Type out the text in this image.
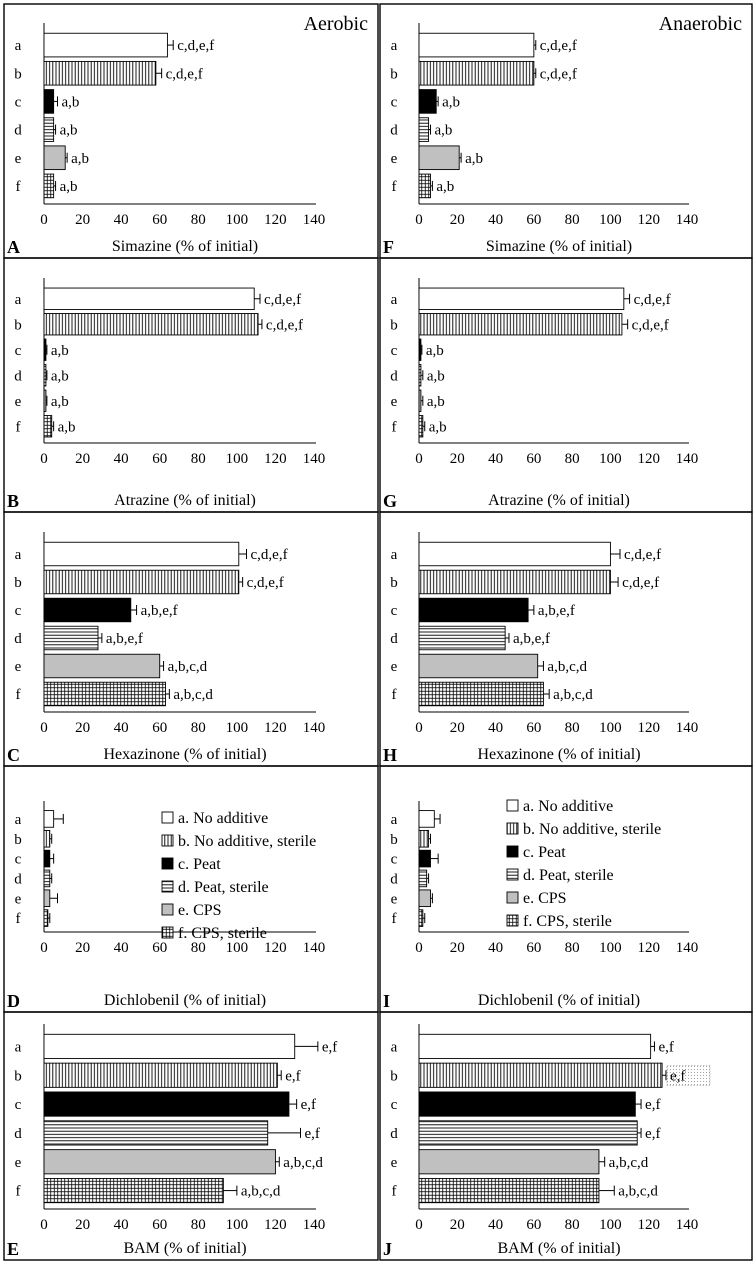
0 20 40 60 80 100 120 140
Simazine (% of initial)
A
Aerobic
a	c,d,e,f
b	c,d,e,f
c	a,b
d	a,b
e	a,b
f	a,b
0 20 40 60 80 100 120 140
Simazine (% of initial)
F
Anaerobic
a	c,d,e,f
b	c,d,e,f
c	a,b
d a,b
e	a,b
f	a,b
0 20 40 60 80 100 120 140
Atrazine (% of initial)
B
a	c,d,e,f
b	c,d,e,f
c a,b
d a,b
e a,b
f a,b
0 20 40 60 80 100 120 140
Atrazine (% of initial)
G
a	c,d,e,f
b	c,d,e,f
c a,b
d a,b
e a,b
f a,b
0 20 40 60 80 100 120 140
Hexazinone (% of initial)
C
a	c,d,e,f
b	c,d,e,f
c	a,b,e,f
d	a,b,e,f
e	a,b,c,d
f	a,b,c,d
0 20 40 60 80 100 120 140
Hexazinone (% of initial)
H
a	c,d,e,f
b	c,d,e,f
c	a,b,e,f
d	a,b,e,f
e	a,b,c,d
f	a,b,c,d
0 20 40 60 80 100 120 140
Dichlobenil (% of initial)
D
a
b
c
d
e
f
a. No additive
b. No additive, sterile
c. Peat
d. Peat, sterile
e. CPS
f. CPS, sterile
0 20 40 60 80 100 120 140
Dichlobenil (% of initial)
I
a
b
c
d
e
f
a. No additive
b. No additive, sterile
c. Peat
d. Peat, sterile
e. CPS
f. CPS, sterile
0 20 40 60 80 100 120 140
BAM (% of initial)
E
a	e,f
b	e,f
c	e,f
d	e,f
e	a,b,c,d
f	a,b,c,d
0 20 40 60 80 100 120 140
BAM (% of initial)
J
a	e,f
b	e,f
c	e,f
d	e,f
e	a,b,c,d
f	a,b,c,d
